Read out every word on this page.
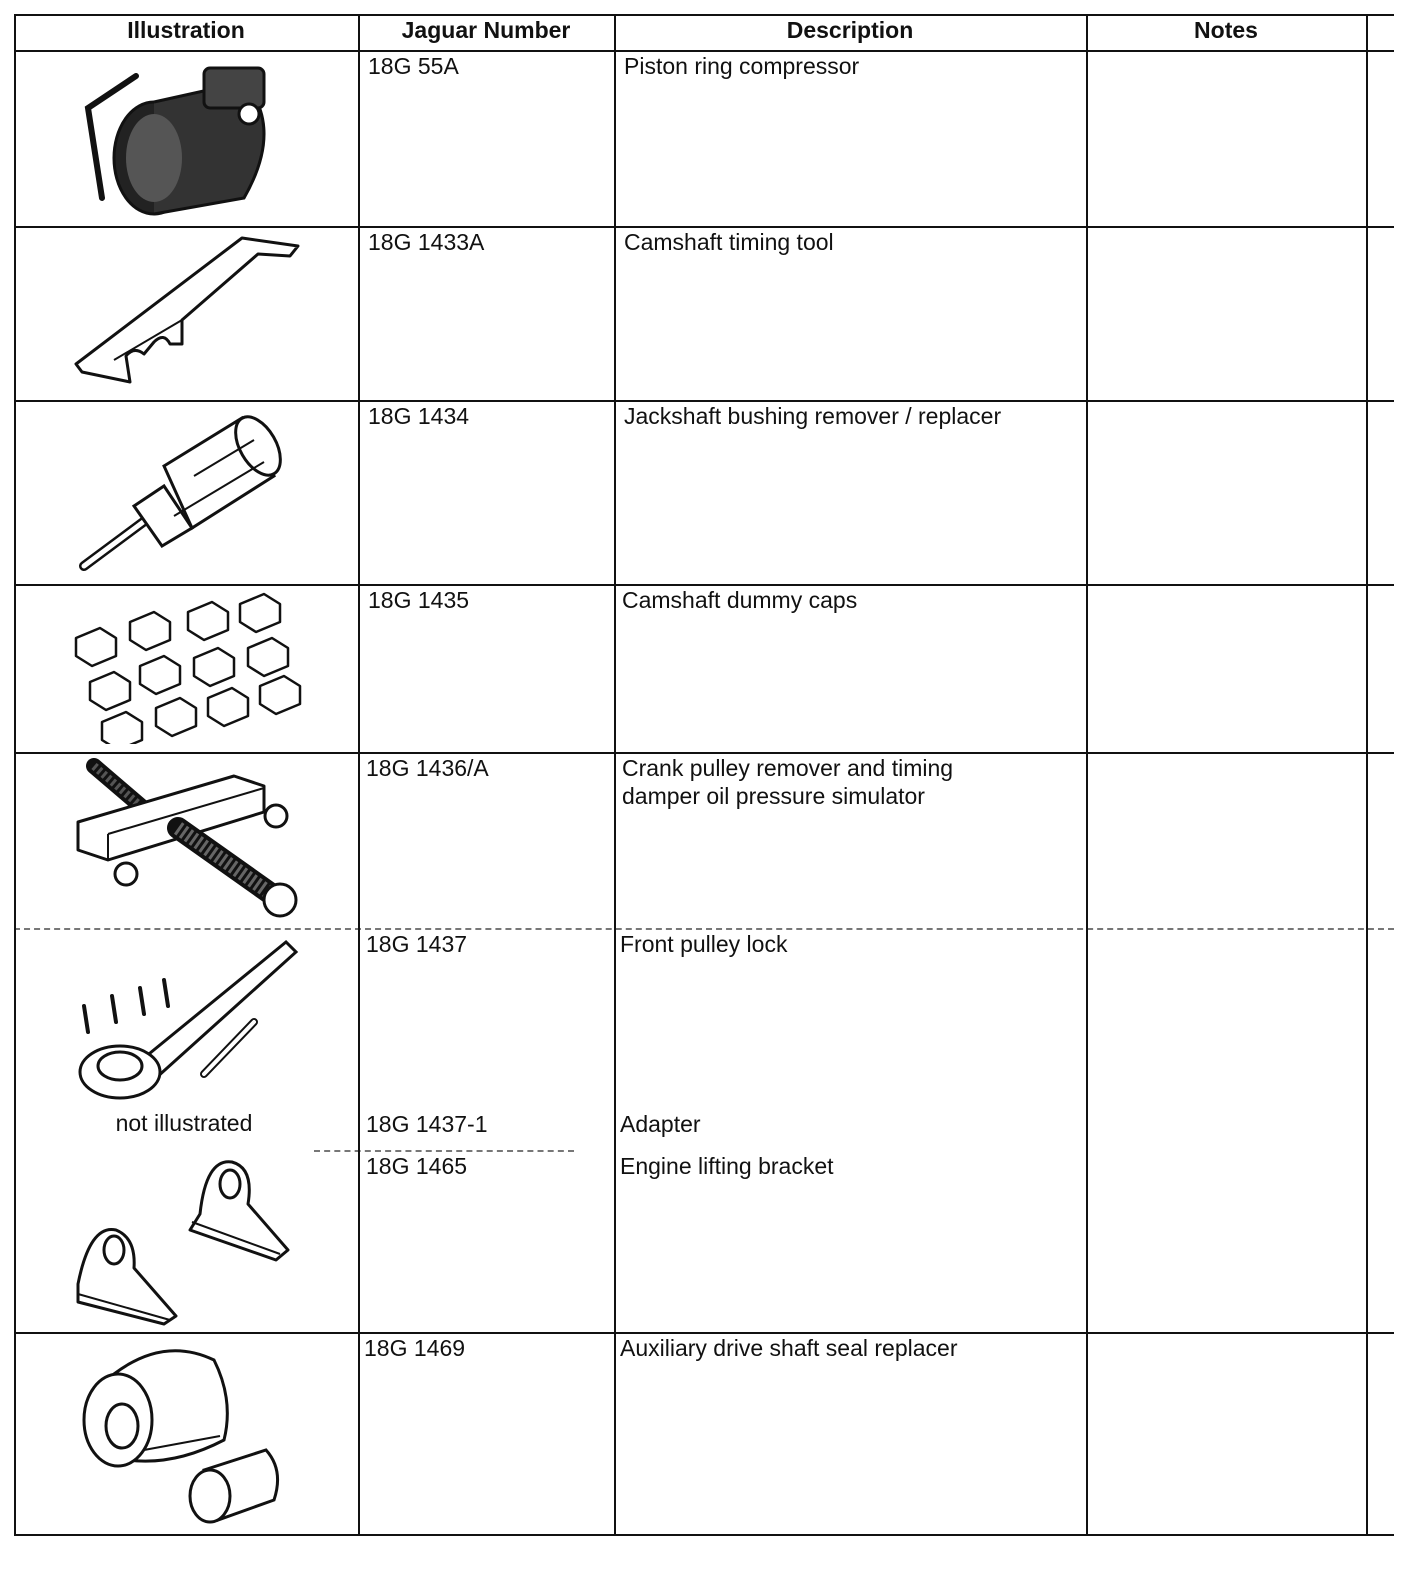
Illustration	Jaguar Number	Description	Notes
18G 55A	Piston ring compressor
18G 1433A	Camshaft timing tool
18G 1434	Jackshaft bushing remover / replacer
18G 1435	Camshaft dummy caps
18G 1436/A	Crank pulley remover and timing
damper oil pressure simulator
18G 1437	Front pulley lock
not illustrated	18G 1437-1	Adapter
18G 1465	Engine lifting bracket
18G 1469	Auxiliary drive shaft seal replacer
